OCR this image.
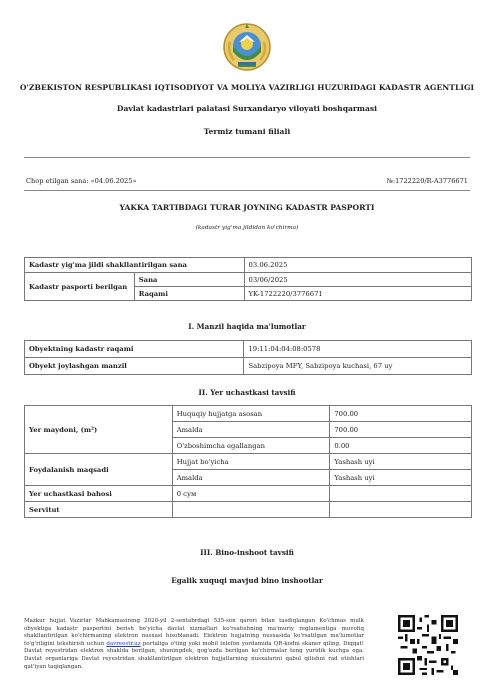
O'ZBEKISTON RESPUBLIKASI IQTISODIYOT VA MOLIYA VAZIRLIGI HUZURIDAGI KADASTR AGENTLIGI
Davlat kadastrlari palatasi Surxandaryo viloyati boshqarmasi
Termiz tumani filiali
Chop etilgan sana: «04.06.2025»	№:1722220/R-A3776671
YAKKA TARTIBDAGI TURAR JOYNING KADASTR PASPORTI
(kadastr yig'ma jildidan ko'chirma)
Kadastr yig'ma jildi shakllantirilgan sana		03.06.2025
Kadastr pasporti berilgan	Sana	03/06/2025
	Raqami	YK-1722220/3776671
I. Manzil haqida ma'lumotlar
Obyektning kadastr raqami	19:11:04:04:08:0578
Obyekt joylashgan manzil	Sabzipoya MFY, Sabzipoya kuchasi, 67 uy
II. Yer uchastkasi tavsifi
Yer maydoni, (m²)	Huquqiy hujjatga asosan	700.00
	Amalda	700.00
	O'zboshimcha egallangan	0.00
Foydalanish maqsadi	Hujjat bo'yicha	Yashash uyi
	Amalda	Yashash uyi
Yer uchastkasi bahosi	0 сум	
Servitut		
III. Bino-inshoot tavsifi
Egalik xuquqi mavjud bino inshootlar
Mazkur hujjat Vazirlar Mahkamasining 2020-yil 2-sentabrdagi 535-son qarori bilan tasdiqlangan Ko'chmas mulk obyektiga kadastr pasportini berish bo'yicha davlat xizmatlari ko'rsatishning ma'muriy reglamentiga muvofiq shakllantirilgan ko'chirmaning elektron nusxasi hisoblanadi. Elektron hujjatning nusxasida ko'rsatilgan ma'lumotlar to'g'riligini tekshirish uchun davreestr.uz portaliga o'ting yoki mobil telefon yordamida QR-kodni skaner qiling. Diqqat! Davlat reyestridan elektron shaklda berilgan, shuningdek, qog'ozda berilgan ko'chirmalar teng yuridik kuchga ega. Davlat organlariga Davlat reyestridan shakllantirilgan elektron hujjatlarning nusxalarini qabul qilishni rad etishlari qat'iyan taqiqlangan.
